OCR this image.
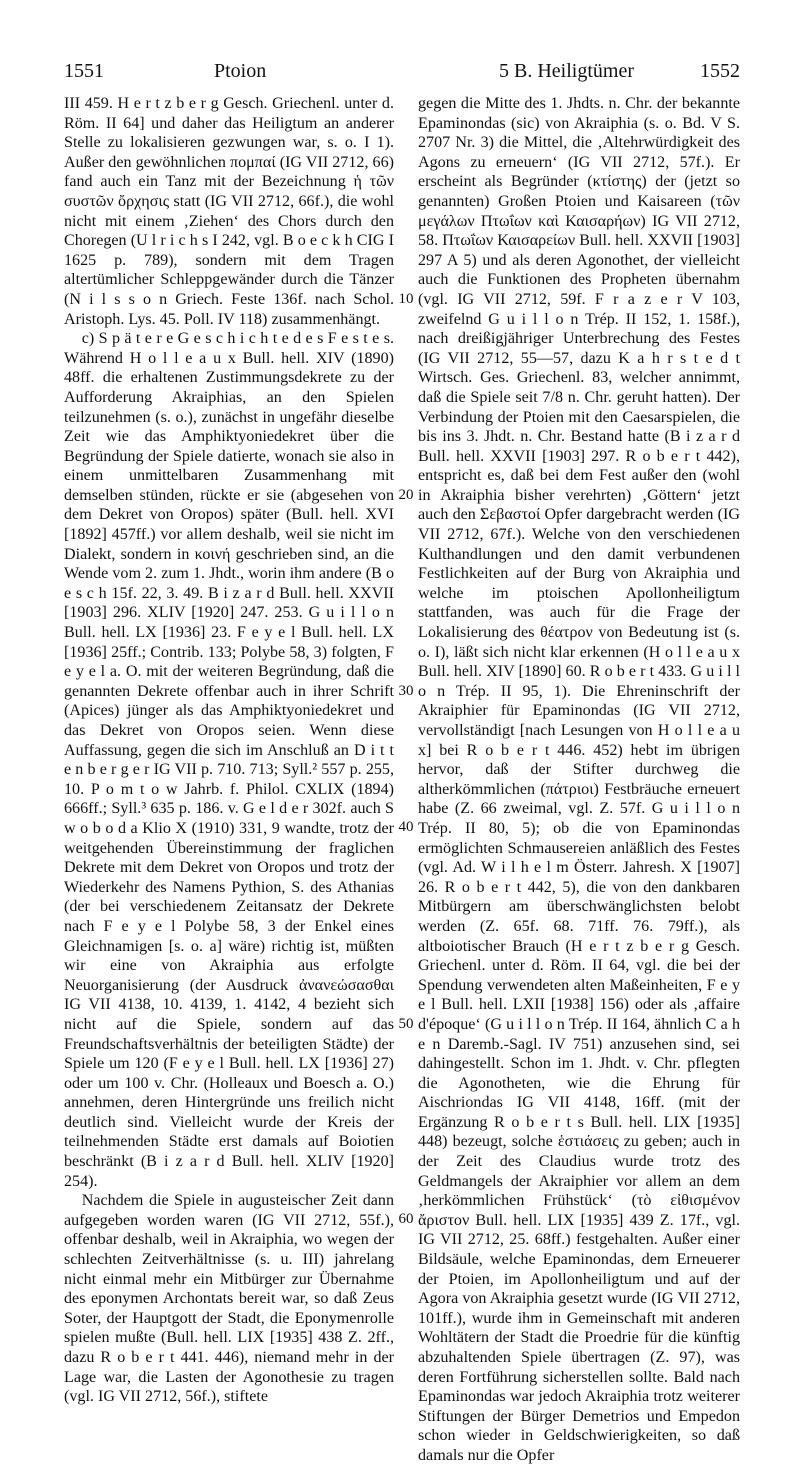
1551	Ptoion	5 B. Heiligtümer	1552

III 459. H e r t z b e r g Gesch. Griechenl. unter d. Röm. II 64] und daher das Heiligtum an anderer Stelle zu lokalisieren gezwungen war, s. o. I 1). Außer den gewöhnlichen πομπαί (IG VII 2712, 66) fand auch ein Tanz mit der Bezeichnung ἡ τῶν συστῶν ὄρχησις statt (IG VII 2712, 66f.), die wohl nicht mit einem ‚Ziehen‘ des Chors durch den Choregen (U l r i c h s I 242, vgl. B o e c k h CIG I 1625 p. 789), sondern mit dem Tragen altertümlicher Schleppgewänder durch die Tänzer (N i l s s o n Griech. Feste 136f. nach Schol. Aristoph. Lys. 45. Poll. IV 118) zusammenhängt.

c) S p ä t e r e G e s c h i c h t e d e s F e s t e s. Während H o l l e a u x Bull. hell. XIV (1890) 48ff. die erhaltenen Zustimmungsdekrete zu der Aufforderung Akraiphias, an den Spielen teilzunehmen (s. o.), zunächst in ungefähr dieselbe Zeit wie das Amphiktyoniedekret über die Begründung der Spiele datierte, wonach sie also in einem unmittelbaren Zusammenhang mit demselben stünden, rückte er sie (abgesehen von dem Dekret von Oropos) später (Bull. hell. XVI [1892] 457ff.) vor allem deshalb, weil sie nicht im Dialekt, sondern in κοινή geschrieben sind, an die Wende vom 2. zum 1. Jhdt., worin ihm andere (B o e s c h 15f. 22, 3. 49. B i z a r d Bull. hell. XXVII [1903] 296. XLIV [1920] 247. 253. G u i l l o n Bull. hell. LX [1936] 23. F e y e l Bull. hell. LX [1936] 25ff.; Contrib. 133; Polybe 58, 3) folgten, F e y e l a. O. mit der weiteren Begründung, daß die genannten Dekrete offenbar auch in ihrer Schrift (Apices) jünger als das Amphiktyoniedekret und das Dekret von Oropos seien. Wenn diese Auffassung, gegen die sich im Anschluß an D i t t e n b e r g e r IG VII p. 710. 713; Syll.² 557 p. 255, 10. P o m t o w Jahrb. f. Philol. CXLIX (1894) 666ff.; Syll.³ 635 p. 186. v. G e l d e r 302f. auch S w o b o d a Klio X (1910) 331, 9 wandte, trotz der weitgehenden Übereinstimmung der fraglichen Dekrete mit dem Dekret von Oropos und trotz der Wiederkehr des Namens Pythion, S. des Athanias (der bei verschiedenem Zeitansatz der Dekrete nach F e y e l Polybe 58, 3 der Enkel eines Gleichnamigen [s. o. a] wäre) richtig ist, müßten wir eine von Akraiphia aus erfolgte Neuorganisierung (der Ausdruck ἀνανεώσασθαι IG VII 4138, 10. 4139, 1. 4142, 4 bezieht sich nicht auf die Spiele, sondern auf das Freundschaftsverhältnis der beteiligten Städte) der Spiele um 120 (F e y e l Bull. hell. LX [1936] 27) oder um 100 v. Chr. (Holleaux und Boesch a. O.) annehmen, deren Hintergründe uns freilich nicht deutlich sind. Vielleicht wurde der Kreis der teilnehmenden Städte erst damals auf Boiotien beschränkt (B i z a r d Bull. hell. XLIV [1920] 254).

Nachdem die Spiele in augusteischer Zeit dann aufgegeben worden waren (IG VII 2712, 55f.), offenbar deshalb, weil in Akraiphia, wo wegen der schlechten Zeitverhältnisse (s. u. III) jahrelang nicht einmal mehr ein Mitbürger zur Übernahme des eponymen Archontats bereit war, so daß Zeus Soter, der Hauptgott der Stadt, die Eponymenrolle spielen mußte (Bull. hell. LIX [1935] 438 Z. 2ff., dazu R o b e r t 441. 446), niemand mehr in der Lage war, die Lasten der Agonothesie zu tragen (vgl. IG VII 2712, 56f.), stiftete

10
20
30
40
50
60

gegen die Mitte des 1. Jhdts. n. Chr. der bekannte Epaminondas (sic) von Akraiphia (s. o. Bd. V S. 2707 Nr. 3) die Mittel, die ‚Altehrwürdigkeit des Agons zu erneuern‘ (IG VII 2712, 57f.). Er erscheint als Begründer (κτίστης) der (jetzt so genannten) Großen Ptoien und Kaisareen (τῶν μεγάλων Πτωΐων καὶ Καισαρήων) IG VII 2712, 58. Πτωΐων Καισαρείων Bull. hell. XXVII [1903] 297 A 5) und als deren Agonothet, der vielleicht auch die Funktionen des Propheten übernahm (vgl. IG VII 2712, 59f. F r a z e r V 103, zweifelnd G u i l l o n Trép. II 152, 1. 158f.), nach dreißigjähriger Unterbrechung des Festes (IG VII 2712, 55—57, dazu K a h r s t e d t Wirtsch. Ges. Griechenl. 83, welcher annimmt, daß die Spiele seit 7/8 n. Chr. geruht hatten). Der Verbindung der Ptoien mit den Caesarspielen, die bis ins 3. Jhdt. n. Chr. Bestand hatte (B i z a r d Bull. hell. XXVII [1903] 297. R o b e r t 442), entspricht es, daß bei dem Fest außer den (wohl in Akraiphia bisher verehrten) ‚Göttern‘ jetzt auch den Σεβαστοί Opfer dargebracht werden (IG VII 2712, 67f.). Welche von den verschiedenen Kulthandlungen und den damit verbundenen Festlichkeiten auf der Burg von Akraiphia und welche im ptoischen Apollonheiligtum stattfanden, was auch für die Frage der Lokalisierung des θέατρον von Bedeutung ist (s. o. I), läßt sich nicht klar erkennen (H o l l e a u x Bull. hell. XIV [1890] 60. R o b e r t 433. G u i l l o n Trép. II 95, 1). Die Ehreninschrift der Akraiphier für Epaminondas (IG VII 2712, vervollständigt [nach Lesungen von H o l l e a u x] bei R o b e r t 446. 452) hebt im übrigen hervor, daß der Stifter durchweg die altherkömmlichen (πάτριοι) Festbräuche erneuert habe (Z. 66 zweimal, vgl. Z. 57f. G u i l l o n Trép. II 80, 5); ob die von Epaminondas ermöglichten Schmausereien anläßlich des Festes (vgl. Ad. W i l h e l m Österr. Jahresh. X [1907] 26. R o b e r t 442, 5), die von den dankbaren Mitbürgern am überschwänglichsten belobt werden (Z. 65f. 68. 71ff. 76. 79ff.), als altboiotischer Brauch (H e r t z b e r g Gesch. Griechenl. unter d. Röm. II 64, vgl. die bei der Spendung verwendeten alten Maßeinheiten, F e y e l Bull. hell. LXII [1938] 156) oder als ‚affaire d'époque‘ (G u i l l o n Trép. II 164, ähnlich C a h e n Daremb.-Sagl. IV 751) anzusehen sind, sei dahingestellt. Schon im 1. Jhdt. v. Chr. pflegten die Agonotheten, wie die Ehrung für Aischriondas IG VII 4148, 16ff. (mit der Ergänzung R o b e r t s Bull. hell. LIX [1935] 448) bezeugt, solche ἑστιάσεις zu geben; auch in der Zeit des Claudius wurde trotz des Geldmangels der Akraiphier vor allem an dem ‚herkömmlichen Frühstück‘ (τὸ εἰθισμένον ἄριστον Bull. hell. LIX [1935] 439 Z. 17f., vgl. IG VII 2712, 25. 68ff.) festgehalten. Außer einer Bildsäule, welche Epaminondas, dem Erneuerer der Ptoien, im Apollonheiligtum und auf der Agora von Akraiphia gesetzt wurde (IG VII 2712, 101ff.), wurde ihm in Gemeinschaft mit anderen Wohltätern der Stadt die Proedrie für die künftig abzuhaltenden Spiele übertragen (Z. 97), was deren Fortführung sicherstellen sollte. Bald nach Epaminondas war jedoch Akraiphia trotz weiterer Stiftungen der Bürger Demetrios und Empedon schon wieder in Geldschwierigkeiten, so daß damals nur die Opfer
